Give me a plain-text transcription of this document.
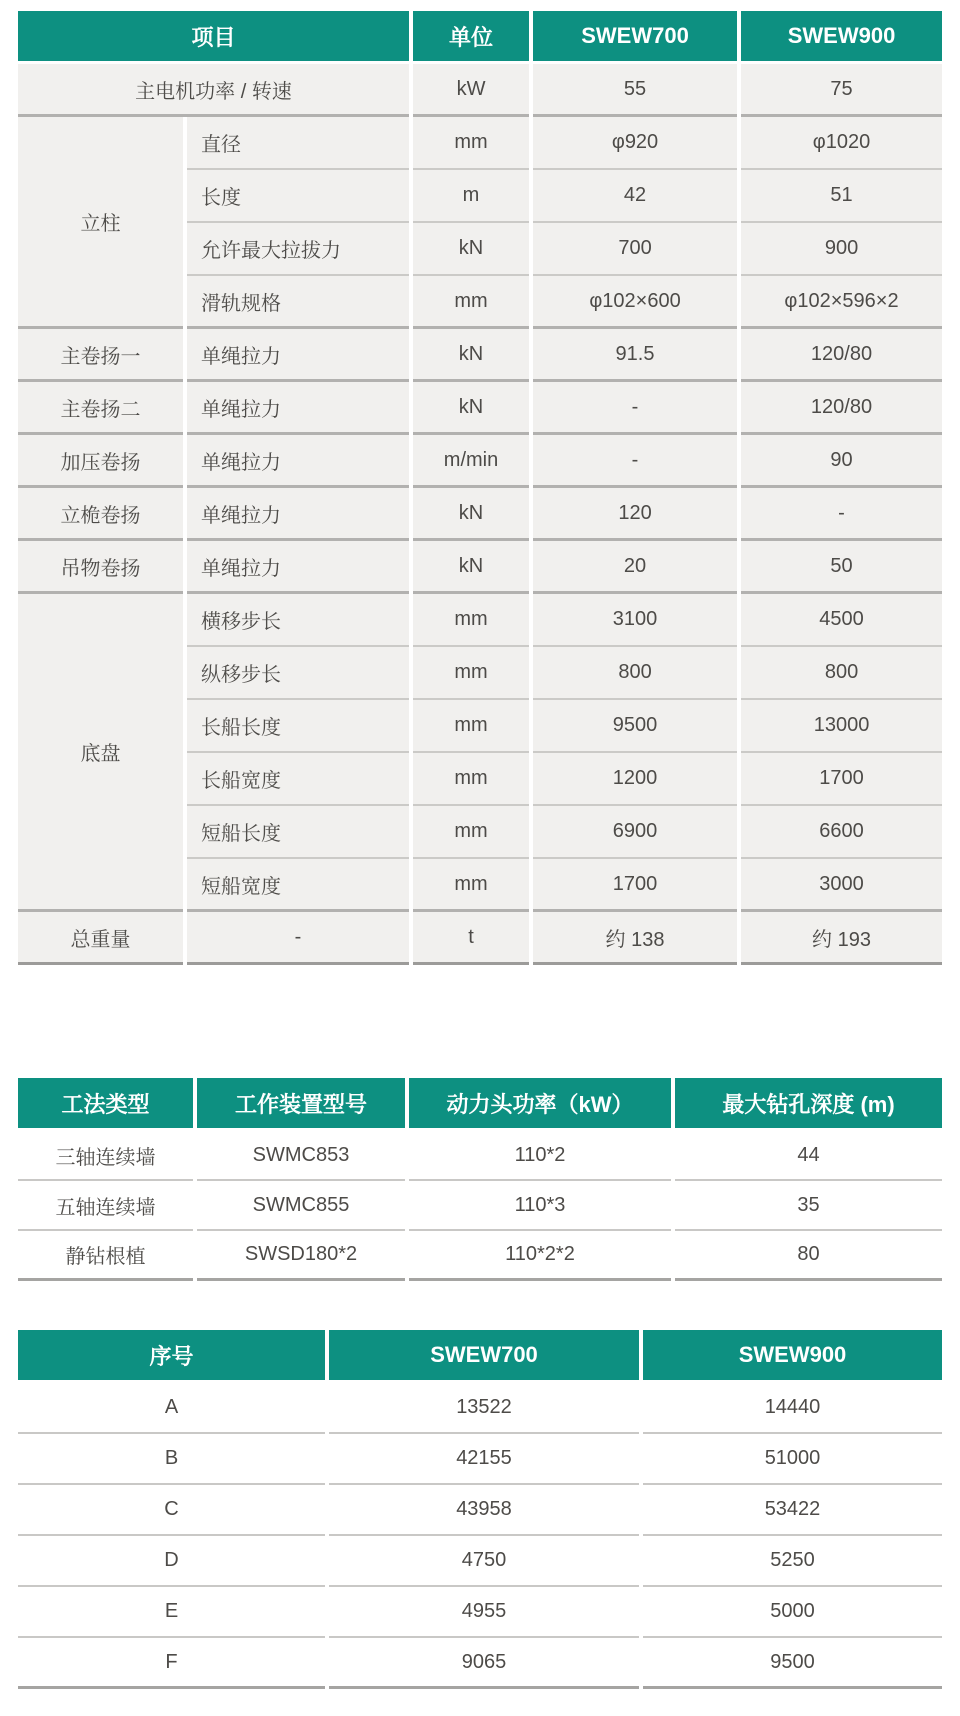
项目		单位	SWEW700	SWEW900
主电机功率 / 转速		kW	55	75
立柱	直径	mm	φ920	φ1020
	长度	m	42	51
	允许最大拉拔力	kN	700	900
	滑轨规格	mm	φ102×600	φ102×596×2
主卷扬一	单绳拉力	kN	91.5	120/80
主卷扬二	单绳拉力	kN	-	120/80
加压卷扬	单绳拉力	m/min	-	90
立桅卷扬	单绳拉力	kN	120	-
吊物卷扬	单绳拉力	kN	20	50
底盘	横移步长	mm	3100	4500
	纵移步长	mm	800	800
	长船长度	mm	9500	13000
	长船宽度	mm	1200	1700
	短船长度	mm	6900	6600
	短船宽度	mm	1700	3000
总重量	-	t	约 138	约 193
工法类型	工作装置型号	动力头功率（kW）	最大钻孔深度 (m)
三轴连续墙	SWMC853	110*2	44
五轴连续墙	SWMC855	110*3	35
静钻根植	SWSD180*2	110*2*2	80
序号	SWEW700	SWEW900
A	13522	14440
B	42155	51000
C	43958	53422
D	4750	5250
E	4955	5000
F	9065	9500
